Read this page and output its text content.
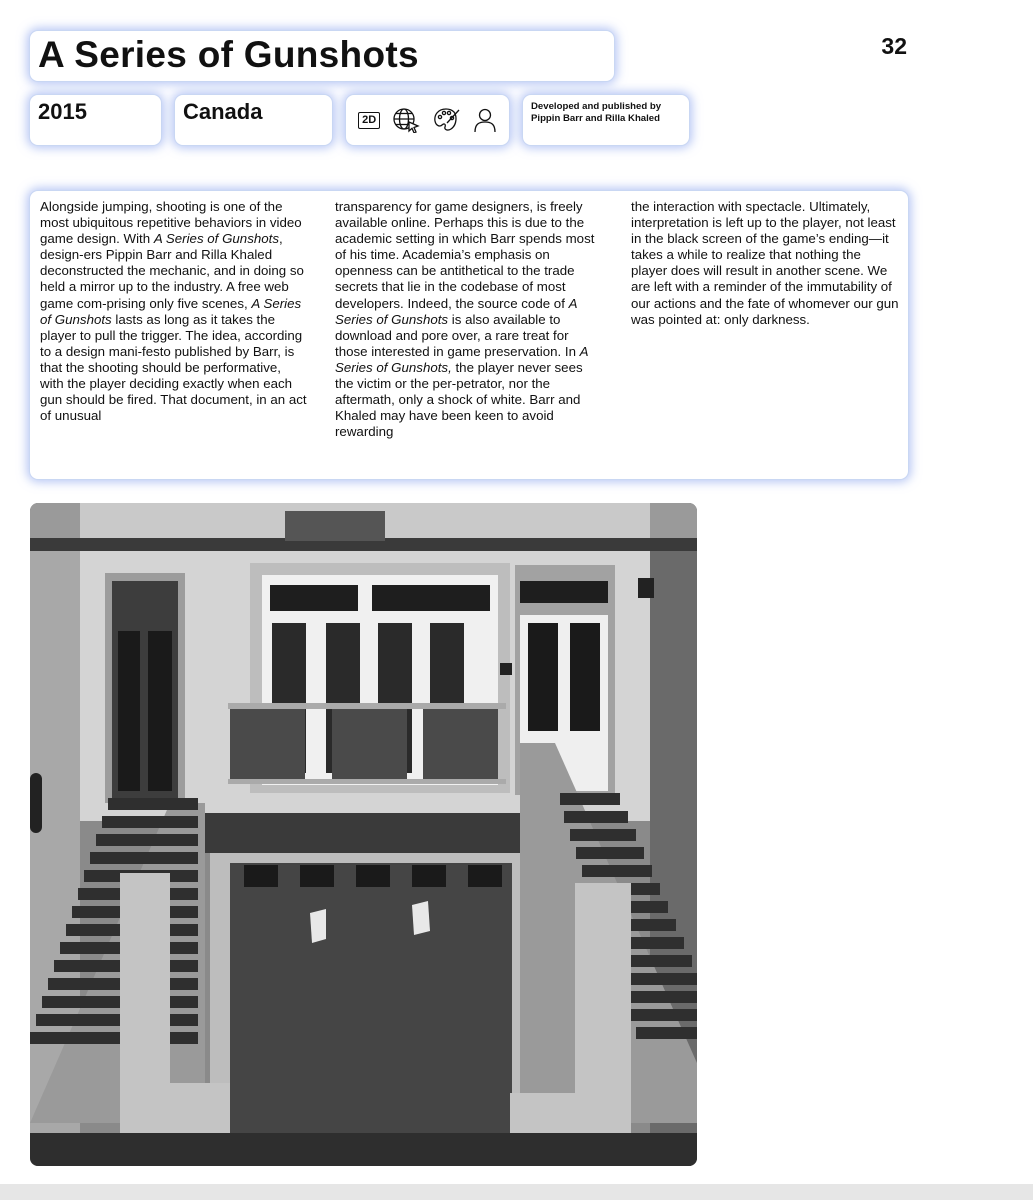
A Series of Gunshots	32

2015	Canada	2D

Developed and published by Pippin Barr and Rilla Khaled

Alongside jumping, shooting is one of the most ubiquitous repetitive behaviors in video game design. With A Series of Gunshots, design-ers Pippin Barr and Rilla Khaled deconstructed the mechanic, and in doing so held a mirror up to the industry. A free web game com-prising only five scenes, A Series of Gunshots lasts as long as it takes the player to pull the trigger. The idea, according to a design mani-festo published by Barr, is that the shooting should be performative, with the player deciding exactly when each gun should be fired. That document, in an act of unusual
transparency for game designers, is freely available online. Perhaps this is due to the academic setting in which Barr spends most of his time. Academia’s emphasis on openness can be antithetical to the trade secrets that lie in the codebase of most developers. Indeed, the source code of A Series of Gunshots is also available to download and pore over, a rare treat for those interested in game preservation. In A Series of Gunshots, the player never sees the victim or the per-petrator, nor the aftermath, only a shock of white. Barr and Khaled may have been keen to avoid rewarding
the interaction with spectacle. Ultimately, interpretation is left up to the player, not least in the black screen of the game’s ending—it takes a while to realize that nothing the player does will result in another scene. We are left with a reminder of the immutability of our actions and the fate of whomever our gun was pointed at: only darkness.
